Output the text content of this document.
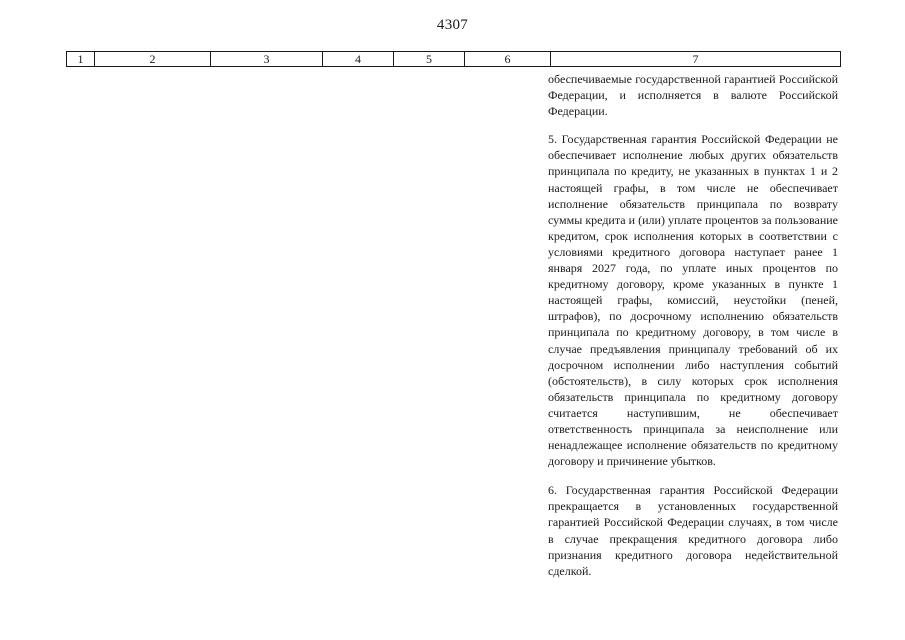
4307
1	2	3	4	5	6	7

обеспечиваемые государственной гарантией Российской Федерации, и исполняется в валюте Российской Федерации.

5. Государственная гарантия Российской Федерации не обеспечивает исполнение любых других обязательств принципала по кредиту, не указанных в пунктах 1 и 2 настоящей графы, в том числе не обеспечивает исполнение обязательств принципала по возврату суммы кредита и (или) уплате процентов за пользование кредитом, срок исполнения которых в соответствии с условиями кредитного договора наступает ранее 1 января 2027 года, по уплате иных процентов по кредитному договору, кроме указанных в пункте 1 настоящей графы, комиссий, неустойки (пеней, штрафов), по досрочному исполнению обязательств принципала по кредитному договору, в том числе в случае предъявления принципалу требований об их досрочном исполнении либо наступления событий (обстоятельств), в силу которых срок исполнения обязательств принципала по кредитному договору считается наступившим, не обеспечивает ответственность принципала за неисполнение или ненадлежащее исполнение обязательств по кредитному договору и причинение убытков.

6. Государственная гарантия Российской Федерации прекращается в установленных государственной гарантией Российской Федерации случаях, в том числе в случае прекращения кредитного договора либо признания кредитного договора недействительной сделкой.
